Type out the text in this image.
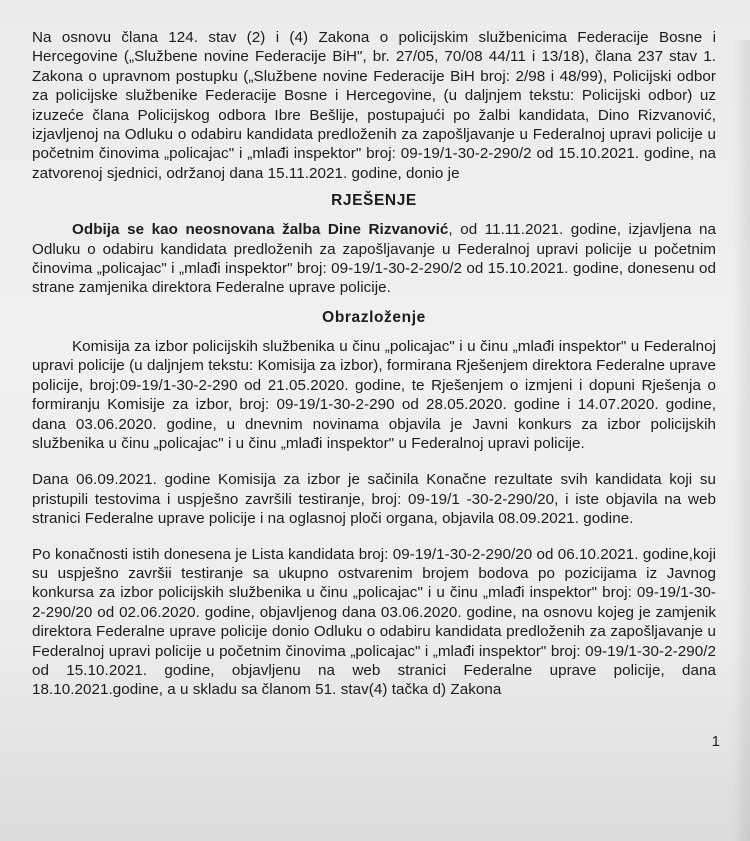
Na osnovu člana 124. stav (2) i (4) Zakona o policijskim službenicima Federacije Bosne i Hercegovine („Službene novine Federacije BiH", br. 27/05, 70/08 44/11 i 13/18), člana 237 stav 1. Zakona o upravnom postupku („Službene novine Federacije BiH broj: 2/98 i 48/99), Policijski odbor za policijske službenike Federacije Bosne i Hercegovine, (u daljnjem tekstu: Policijski odbor) uz izuzeće člana Policijskog odbora Ibre Bešlije, postupajući po žalbi kandidata, Dino Rizvanović, izjavljenoj na Odluku o odabiru kandidata predloženih za zapošljavanje u Federalnoj upravi policije u početnim činovima „policajac" i „mlađi inspektor" broj: 09-19/1-30-2-290/2 od 15.10.2021. godine, na zatvorenoj sjednici, održanoj dana 15.11.2021. godine, donio je

RJEŠENJE

Odbija se kao neosnovana žalba Dine Rizvanović, od 11.11.2021. godine, izjavljena na Odluku o odabiru kandidata predloženih za zapošljavanje u Federalnoj upravi policije u početnim činovima „policajac" i „mlađi inspektor" broj: 09-19/1-30-2-290/2 od 15.10.2021. godine, donesenu od strane zamjenika direktora Federalne uprave policije.

Obrazloženje

Komisija za izbor policijskih službenika u činu „policajac" i u činu „mlađi inspektor" u Federalnoj upravi policije (u daljnjem tekstu: Komisija za izbor), formirana Rješenjem direktora Federalne uprave policije, broj:09-19/1-30-2-290 od 21.05.2020. godine, te Rješenjem o izmjeni i dopuni Rješenja o formiranju Komisije za izbor, broj: 09-19/1-30-2-290 od 28.05.2020. godine i 14.07.2020. godine, dana 03.06.2020. godine, u dnevnim novinama objavila je Javni konkurs za izbor policijskih službenika u činu „policajac" i u činu „mlađi inspektor" u Federalnoj upravi policije.

Dana 06.09.2021. godine Komisija za izbor je sačinila Konačne rezultate svih kandidata koji su pristupili testovima i uspješno završili testiranje, broj: 09-19/1 -30-2-290/20, i iste objavila na web stranici Federalne uprave policije i na oglasnoj ploči organa, objavila 08.09.2021. godine.

Po konačnosti istih donesena je Lista kandidata broj: 09-19/1-30-2-290/20 od 06.10.2021. godine,koji su uspješno završii testiranje sa ukupno ostvarenim brojem bodova po pozicijama iz Javnog konkursa za izbor policijskih službenika u činu „policajac" i u činu „mlađi inspektor" broj: 09-19/1-30-2-290/20 od 02.06.2020. godine, objavljenog dana 03.06.2020. godine, na osnovu kojeg je zamjenik direktora Federalne uprave policije donio Odluku o odabiru kandidata predloženih za zapošljavanje u Federalnoj upravi policije u početnim činovima „policajac" i „mlađi inspektor" broj: 09-19/1-30-2-290/2 od 15.10.2021. godine, objavljenu na web stranici Federalne uprave policije, dana 18.10.2021.godine, a u skladu sa članom 51. stav(4) tačka d) Zakona

1
